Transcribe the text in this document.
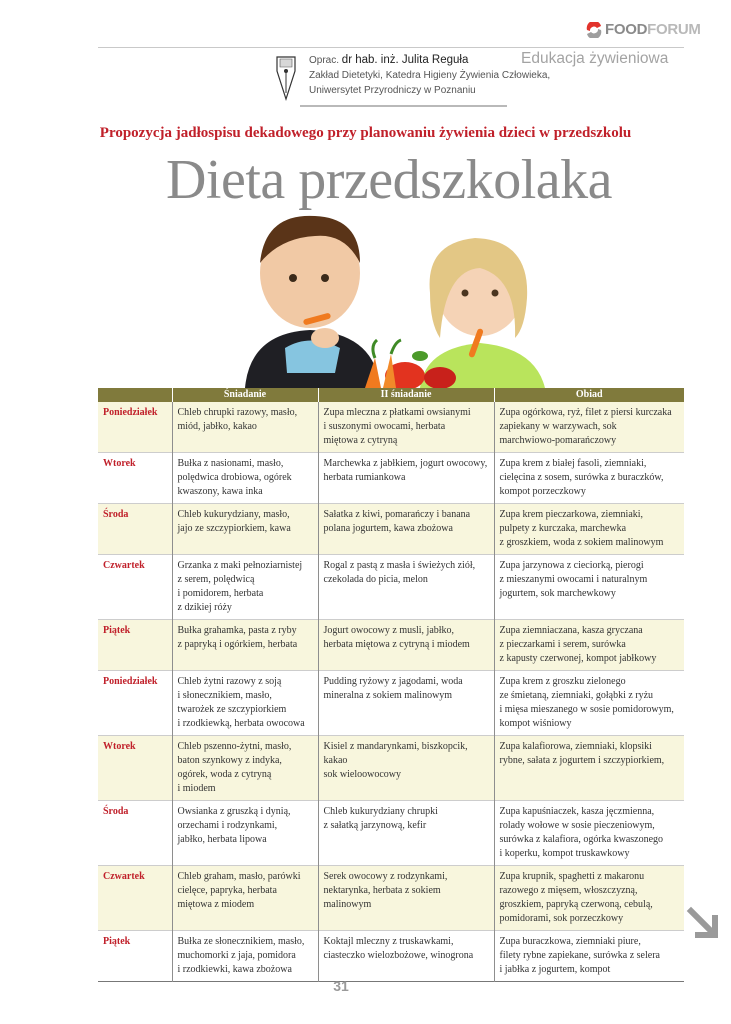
FOODFORUM
Oprac. dr hab. inż. Julita Reguła
Zakład Dietetyki, Katedra Higieny Żywienia Człowieka,
Uniwersytet Przyrodniczy w Poznaniu
Edukacja żywieniowa
Propozycja jadłospisu dekadowego przy planowaniu żywienia dzieci w przedszkolu
Dieta przedszkolaka
	Śniadanie	II śniadanie	Obiad
Poniedziałek	Chleb chrupki razowy, masło,
miód, jabłko, kakao	Zupa mleczna z płatkami owsianymi
i suszonymi owocami, herbata
miętowa z cytryną	Zupa ogórkowa, ryż, filet z piersi kurczaka
zapiekany w warzywach, sok
marchwiowo-pomarańczowy
Wtorek	Bułka z nasionami, masło,
polędwica drobiowa, ogórek
kwaszony, kawa inka	Marchewka z jabłkiem, jogurt owocowy,
herbata rumiankowa	Zupa krem z białej fasoli, ziemniaki,
cielęcina z sosem, surówka z buraczków,
kompot porzeczkowy
Środa	Chleb kukurydziany, masło,
jajo ze szczypiorkiem, kawa	Sałatka z kiwi, pomarańczy i banana
polana jogurtem, kawa zbożowa	Zupa krem pieczarkowa, ziemniaki,
pulpety z kurczaka, marchewka
z groszkiem, woda z sokiem malinowym
Czwartek	Grzanka z maki pełnoziarnistej
z serem, polędwicą
i pomidorem, herbata
z dzikiej róży	Rogal z pastą z masła i świeżych ziół,
czekolada do picia, melon	Zupa jarzynowa z cieciorką, pierogi
z mieszanymi owocami i naturalnym
jogurtem, sok marchewkowy
Piątek	Bułka grahamka, pasta z ryby
z papryką i ogórkiem, herbata	Jogurt owocowy z musli, jabłko,
herbata miętowa z cytryną i miodem	Zupa ziemniaczana, kasza gryczana
z pieczarkami i serem, surówka
z kapusty czerwonej, kompot jabłkowy
Poniedziałek	Chleb żytni razowy z soją
i słonecznikiem, masło,
twarożek ze szczypiorkiem
i rzodkiewką, herbata owocowa	Pudding ryżowy z jagodami, woda
mineralna z sokiem malinowym	Zupa krem z groszku zielonego
ze śmietaną, ziemniaki, gołąbki z ryżu
i mięsa mieszanego w sosie pomidorowym,
kompot wiśniowy
Wtorek	Chleb pszenno-żytni, masło,
baton szynkowy z indyka,
ogórek, woda z cytryną
i miodem	Kisiel z mandarynkami, biszkopcik,
kakao
sok wieloowocowy	Zupa kalafiorowa, ziemniaki, klopsiki
rybne, sałata z jogurtem i szczypiorkiem,
Środa	Owsianka z gruszką i dynią,
orzechami i rodzynkami,
jabłko, herbata lipowa	Chleb kukurydziany chrupki
z sałatką jarzynową, kefir	Zupa kapuśniaczek, kasza jęczmienna,
rolady wołowe w sosie pieczeniowym,
surówka z kalafiora, ogórka kwaszonego
i koperku, kompot truskawkowy
Czwartek	Chleb graham, masło, parówki
cielęce, papryka, herbata
miętowa z miodem	Serek owocowy z rodzynkami,
nektarynka, herbata z sokiem
malinowym	Zupa krupnik, spaghetti z makaronu
razowego z mięsem, włoszczyzną,
groszkiem, papryką czerwoną, cebulą,
pomidorami, sok porzeczkowy
Piątek	Bułka ze słonecznikiem, masło,
muchomorki z jaja, pomidora
i rzodkiewki, kawa zbożowa	Koktajl mleczny z truskawkami,
ciasteczko wielozbożowe, winogrona	Zupa buraczkowa, ziemniaki piure,
filety rybne zapiekane, surówka z selera
i jabłka z jogurtem, kompot
31
